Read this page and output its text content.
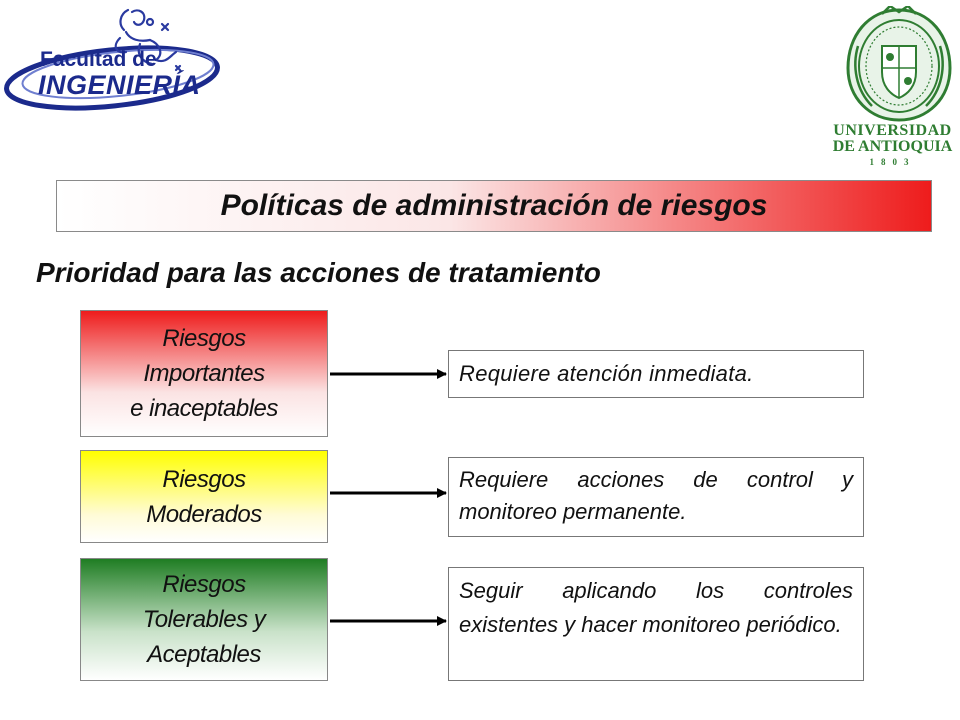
Facultad de
INGENIERÍA
UNIVERSIDAD
DE ANTIOQUIA
1803
Políticas de administración de riesgos
Prioridad para las acciones de tratamiento
Riesgos
Importantes
e inaceptables
Requiere atención inmediata.
Riesgos
Moderados
Requiere acciones de control y monitoreo permanente.
Riesgos
Tolerables y
Aceptables
Seguir aplicando los controles existentes y hacer monitoreo periódico.
